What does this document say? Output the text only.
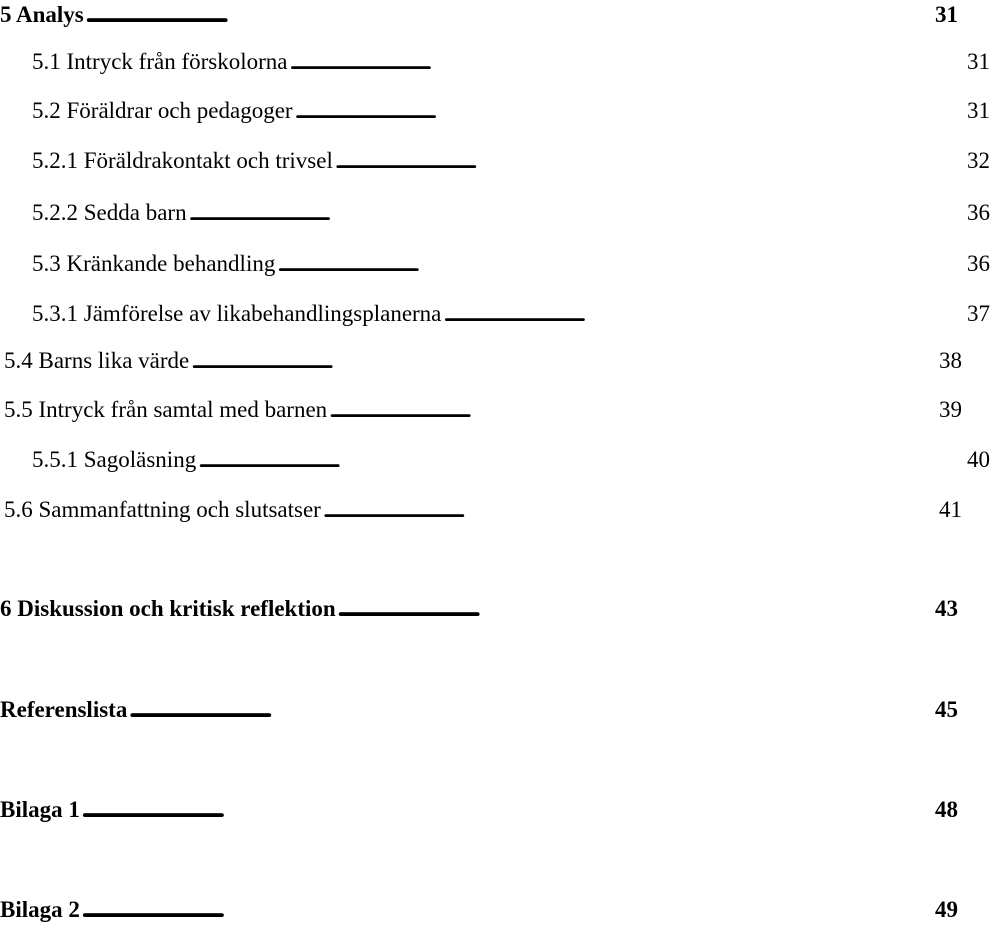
5 Analys . . .	31
5.1 Intryck från förskolorna . . .	31
5.2 Föräldrar och pedagoger . . .	31
5.2.1 Föräldrakontakt och trivsel . . .	32
5.2.2 Sedda barn . . .	36
5.3 Kränkande behandling . . .	36
5.3.1 Jämförelse av likabehandlingsplanerna . . .	37
5.4 Barns lika värde . . .	38
5.5 Intryck från samtal med barnen . . .	39
5.5.1 Sagoläsning . . .	40
5.6 Sammanfattning och slutsatser . . .	41
6 Diskussion och kritisk reflektion . . .	43
Referenslista . . .	45
Bilaga 1 . . .	48
Bilaga 2 . . .	49
